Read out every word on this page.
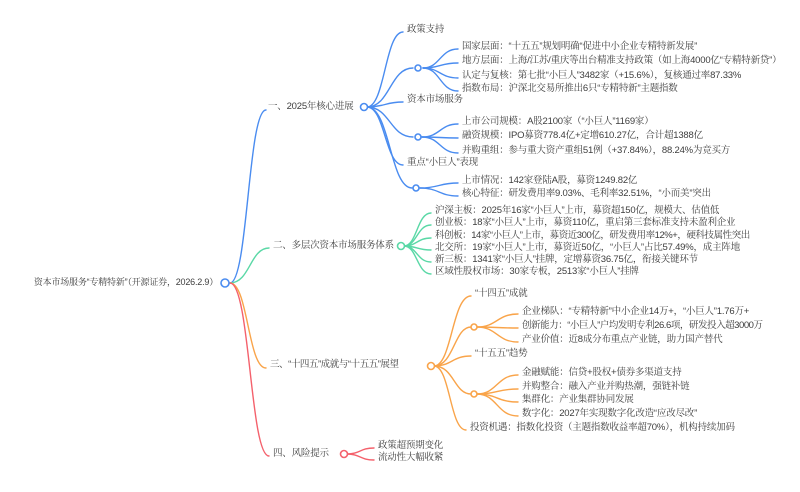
资本市场服务“专精特新”（开源证券，2026.2.9）
一、2025年核心进展
政策支持
国家层面：“十五五”规划明确“促进中小企业专精特新发展”
地方层面：上海/江苏/重庆等出台精准支持政策（如上海4000亿“专精特新贷”）
认定与复核：第七批“小巨人”3482家（+15.6%），复核通过率87.33%
指数布局：沪深北交易所推出6只“专精特新”主题指数
资本市场服务
上市公司规模：A股2100家（“小巨人”1169家）
融资规模：IPO募资778.4亿+定增610.27亿，合计超1388亿
并购重组：参与重大资产重组51例（+37.84%），88.24%为竞买方
重点“小巨人”表现
上市情况：142家登陆A股，募资1249.82亿
核心特征：研发费用率9.03%、毛利率32.51%，“小而美”突出
二、多层次资本市场服务体系
沪深主板：2025年16家“小巨人”上市，募资超150亿，规模大、估值低
创业板：18家“小巨人”上市，募资110亿，重启第三套标准支持未盈利企业
科创板：14家“小巨人”上市，募资近300亿，研发费用率12%+，硬科技属性突出
北交所：19家“小巨人”上市，募资近50亿，“小巨人”占比57.49%，成主阵地
新三板：1341家“小巨人”挂牌，定增募资36.75亿，衔接关键环节
区域性股权市场：30家专板，2513家“小巨人”挂牌
三、“十四五”成就与“十五五”展望
“十四五”成就
企业梯队：“专精特新”中小企业14万+，“小巨人”1.76万+
创新能力：“小巨人”户均发明专利26.6项，研发投入超3000万
产业价值：近8成分布重点产业链，助力国产替代
“十五五”趋势
金融赋能：信贷+股权+债券多渠道支持
并购整合：融入产业并购热潮，强链补链
集群化：产业集群协同发展
数字化：2027年实现数字化改造“应改尽改”
投资机遇：指数化投资（主题指数收益率超70%），机构持续加码
四、风险提示
政策超预期变化
流动性大幅收紧
